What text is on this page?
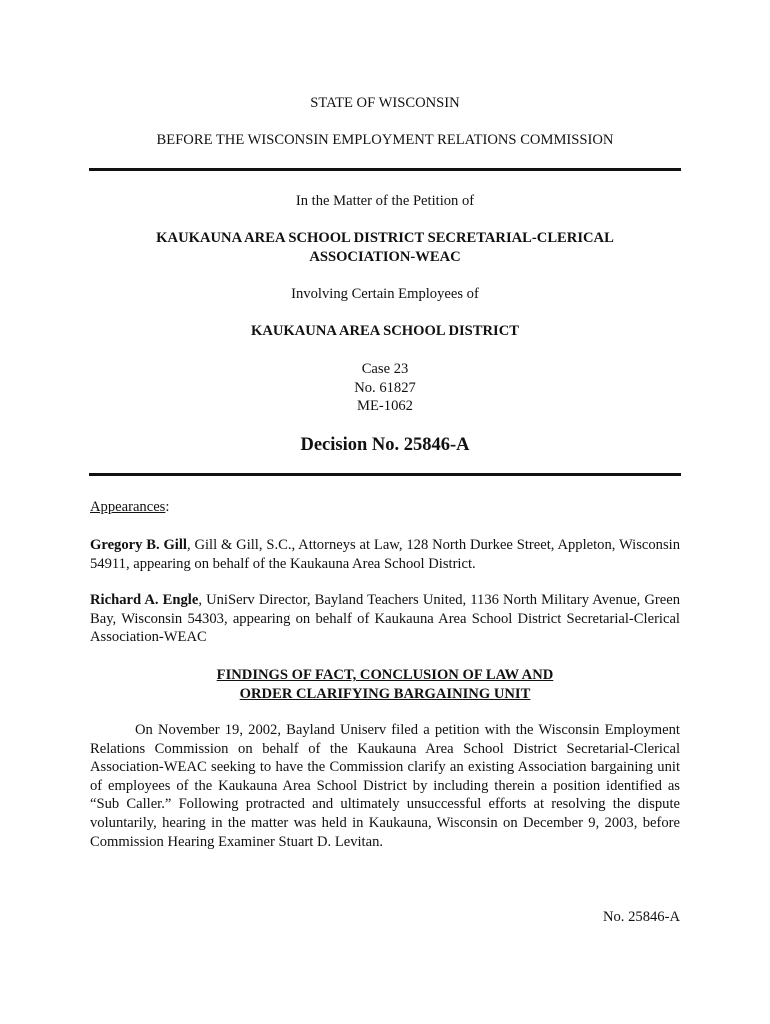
STATE OF WISCONSIN
BEFORE THE WISCONSIN EMPLOYMENT RELATIONS COMMISSION
In the Matter of the Petition of
KAUKAUNA AREA SCHOOL DISTRICT SECRETARIAL-CLERICAL
ASSOCIATION-WEAC
Involving Certain Employees of
KAUKAUNA AREA SCHOOL DISTRICT
Case 23
No. 61827
ME-1062
Decision No. 25846-A
Appearances:
Gregory B. Gill, Gill & Gill, S.C., Attorneys at Law, 128 North Durkee Street, Appleton, Wisconsin 54911, appearing on behalf of the Kaukauna Area School District.
Richard A. Engle, UniServ Director, Bayland Teachers United, 1136 North Military Avenue, Green Bay, Wisconsin 54303, appearing on behalf of Kaukauna Area School District Secretarial-Clerical Association-WEAC
FINDINGS OF FACT, CONCLUSION OF LAW AND
ORDER CLARIFYING BARGAINING UNIT
On November 19, 2002, Bayland Uniserv filed a petition with the Wisconsin Employment Relations Commission on behalf of the Kaukauna Area School District Secretarial-Clerical Association-WEAC seeking to have the Commission clarify an existing Association bargaining unit of employees of the Kaukauna Area School District by including therein a position identified as “Sub Caller.” Following protracted and ultimately unsuccessful efforts at resolving the dispute voluntarily, hearing in the matter was held in Kaukauna, Wisconsin on December 9, 2003, before Commission Hearing Examiner Stuart D. Levitan.
No. 25846-A
